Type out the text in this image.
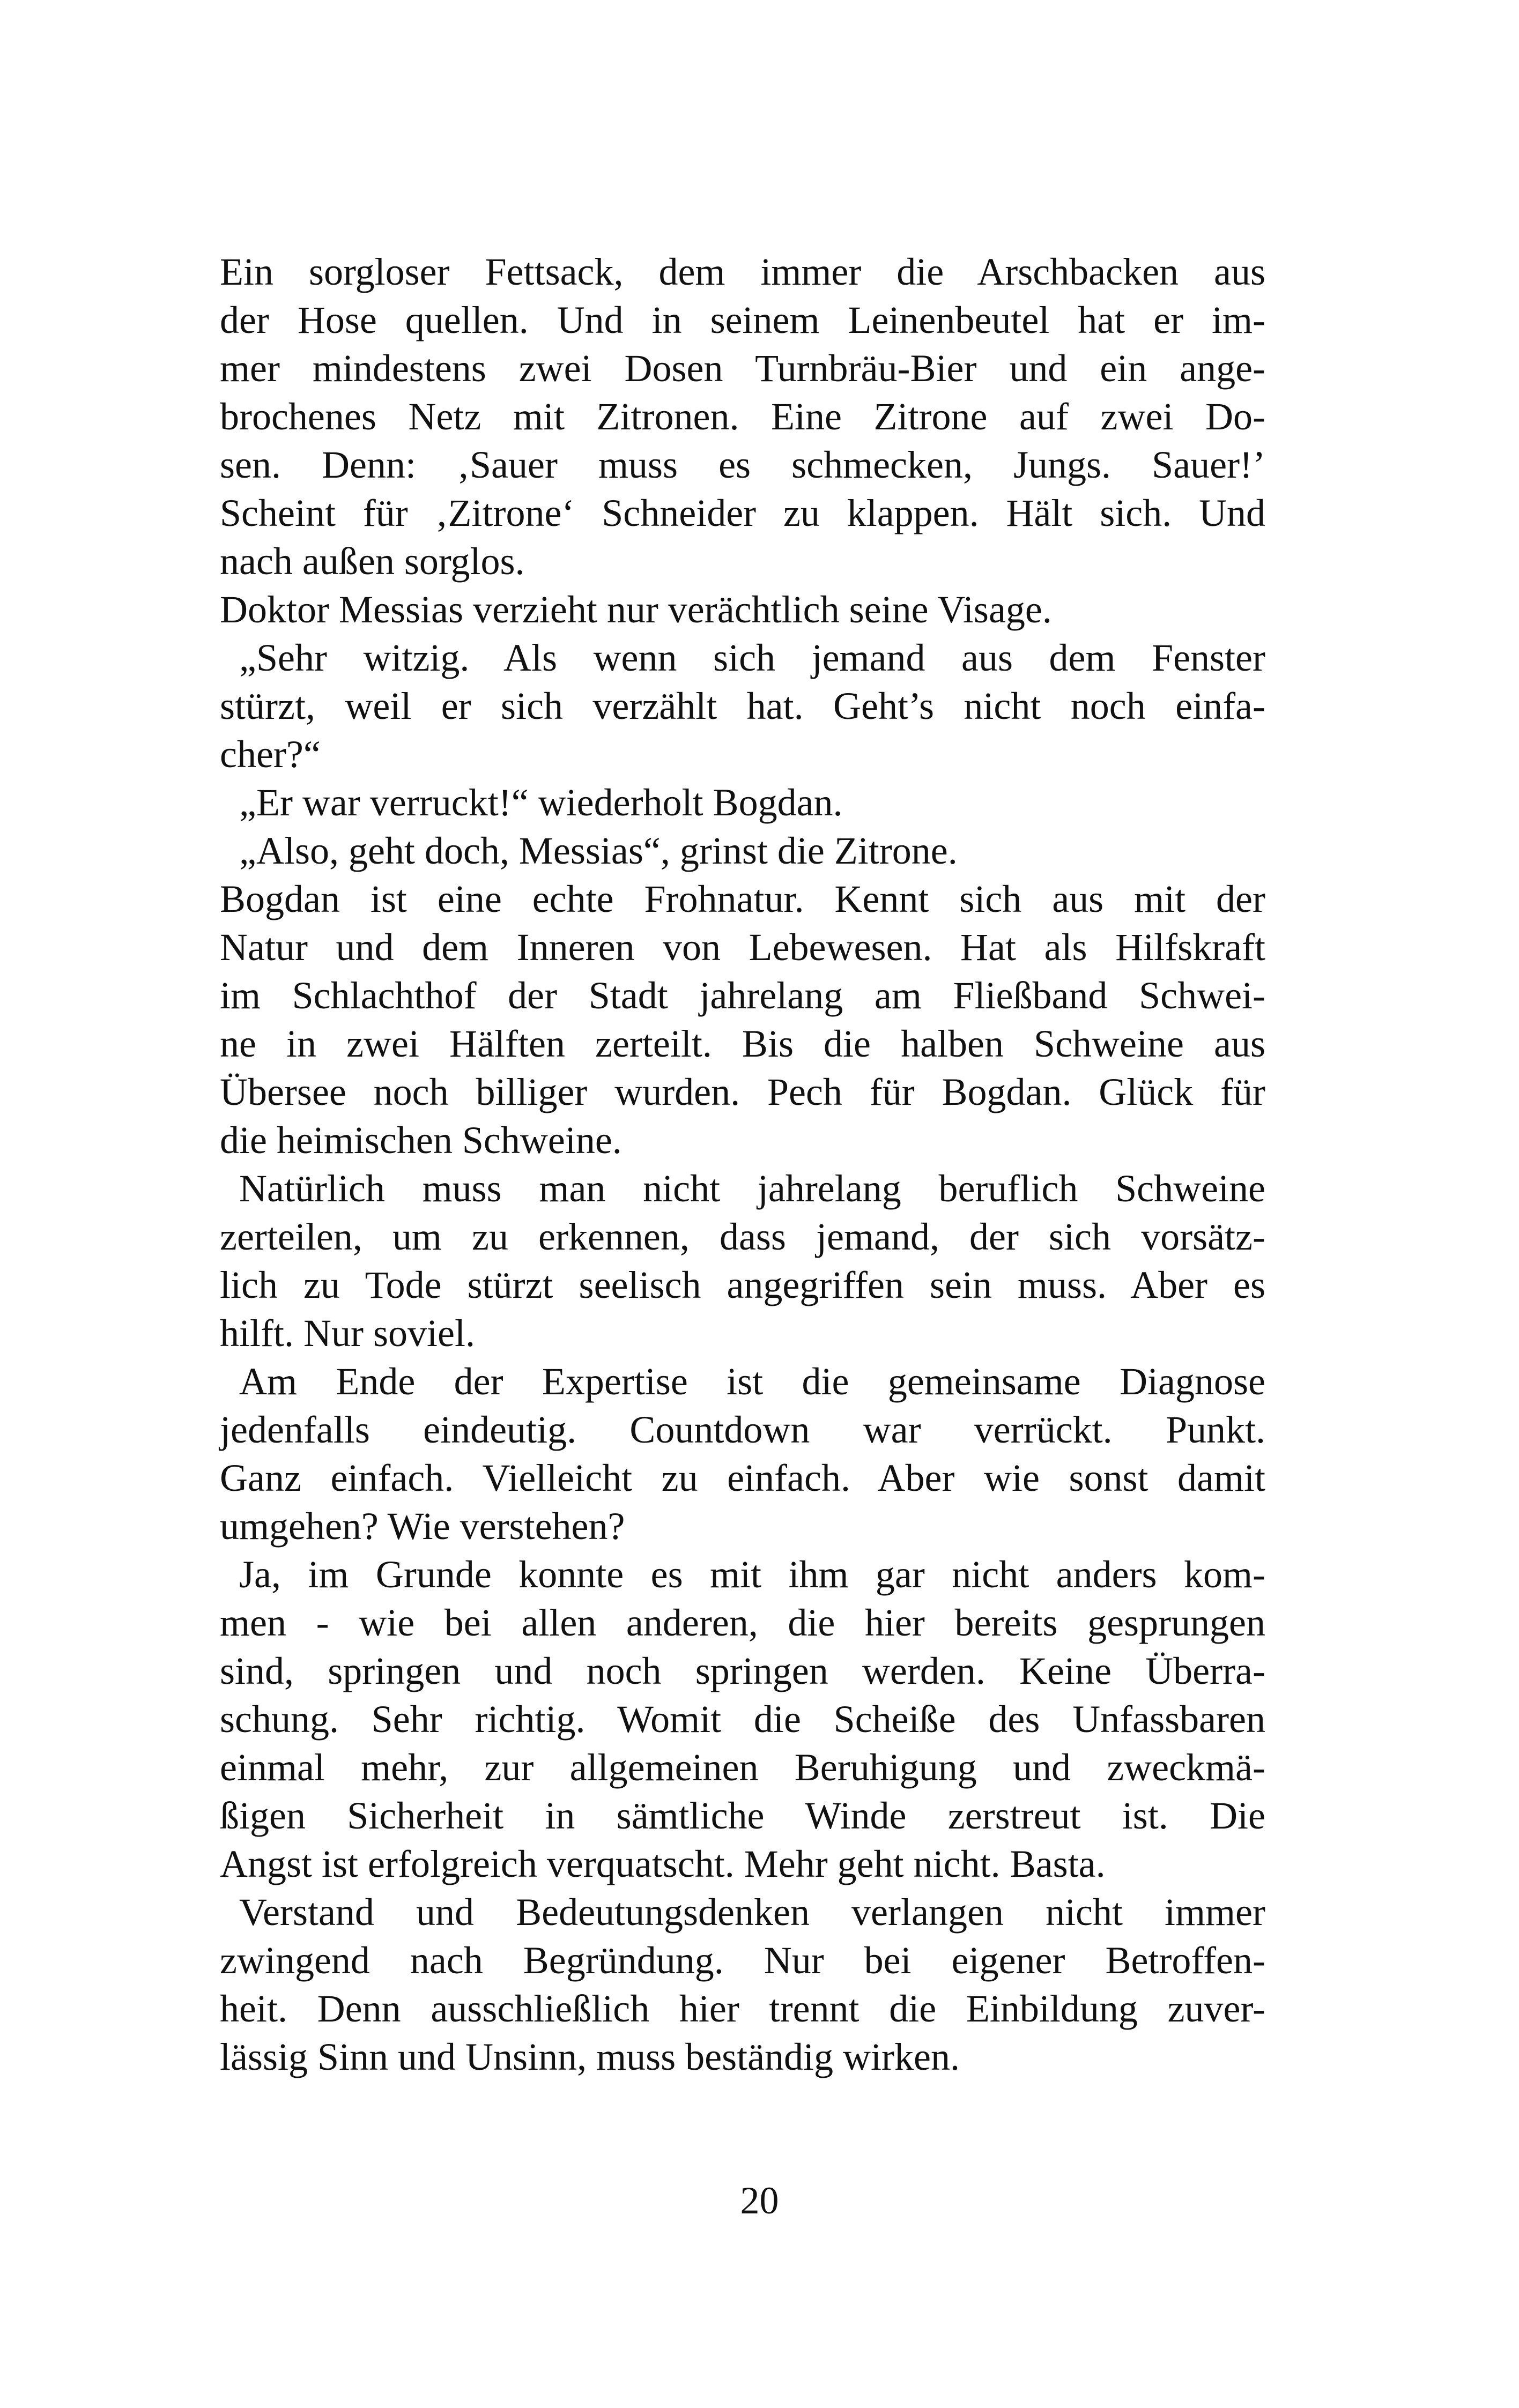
Ein sorgloser Fettsack, dem immer die Arschbacken aus
der Hose quellen. Und in seinem Leinenbeutel hat er im-
mer mindestens zwei Dosen Turnbräu-Bier und ein ange-
brochenes Netz mit Zitronen. Eine Zitrone auf zwei Do-
sen. Denn: ‚Sauer muss es schmecken, Jungs. Sauer!’
Scheint für ‚Zitrone‘ Schneider zu klappen. Hält sich. Und
nach außen sorglos.
Doktor Messias verzieht nur verächtlich seine Visage.
„Sehr witzig. Als wenn sich jemand aus dem Fenster
stürzt, weil er sich verzählt hat. Geht’s nicht noch einfa-
cher?“
„Er war verruckt!“ wiederholt Bogdan.
„Also, geht doch, Messias“, grinst die Zitrone.
Bogdan ist eine echte Frohnatur. Kennt sich aus mit der
Natur und dem Inneren von Lebewesen. Hat als Hilfskraft
im Schlachthof der Stadt jahrelang am Fließband Schwei-
ne in zwei Hälften zerteilt. Bis die halben Schweine aus
Übersee noch billiger wurden. Pech für Bogdan. Glück für
die heimischen Schweine.
Natürlich muss man nicht jahrelang beruflich Schweine
zerteilen, um zu erkennen, dass jemand, der sich vorsätz-
lich zu Tode stürzt seelisch angegriffen sein muss. Aber es
hilft. Nur soviel.
Am Ende der Expertise ist die gemeinsame Diagnose
jedenfalls eindeutig. Countdown war verrückt. Punkt.
Ganz einfach. Vielleicht zu einfach. Aber wie sonst damit
umgehen? Wie verstehen?
Ja, im Grunde konnte es mit ihm gar nicht anders kom-
men - wie bei allen anderen, die hier bereits gesprungen
sind, springen und noch springen werden. Keine Überra-
schung. Sehr richtig. Womit die Scheiße des Unfassbaren
einmal mehr, zur allgemeinen Beruhigung und zweckmä-
ßigen Sicherheit in sämtliche Winde zerstreut ist. Die
Angst ist erfolgreich verquatscht. Mehr geht nicht. Basta.
Verstand und Bedeutungsdenken verlangen nicht immer
zwingend nach Begründung. Nur bei eigener Betroffen-
heit. Denn ausschließlich hier trennt die Einbildung zuver-
lässig Sinn und Unsinn, muss beständig wirken.
20
